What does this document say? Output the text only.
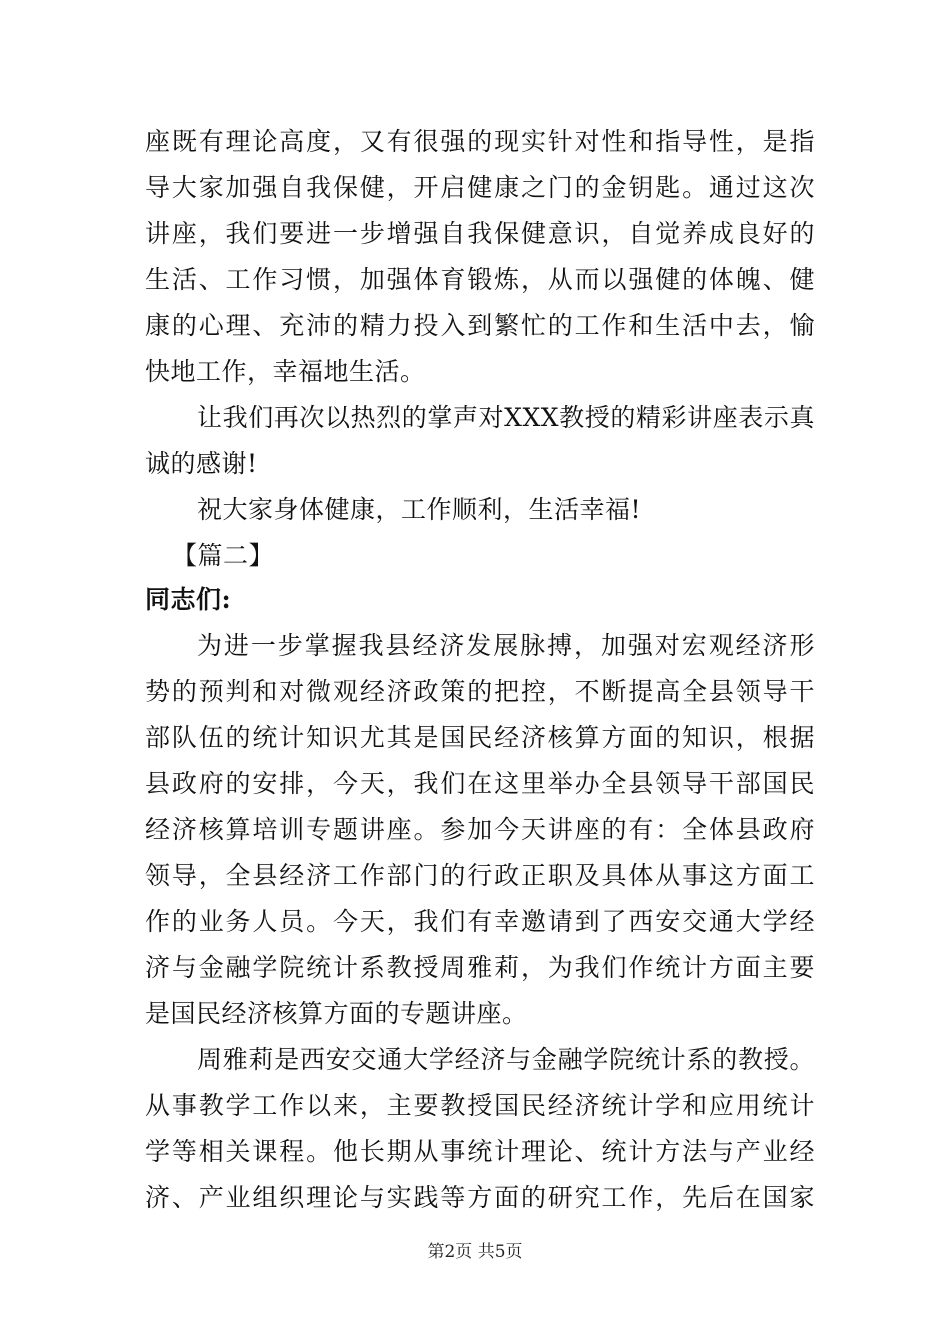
座既有理论高度，又有很强的现实针对性和指导性，是指
导大家加强自我保健，开启健康之门的金钥匙。通过这次
讲座，我们要进一步增强自我保健意识，自觉养成良好的
生活、工作习惯，加强体育锻炼，从而以强健的体魄、健
康的心理、充沛的精力投入到繁忙的工作和生活中去，愉
快地工作，幸福地生活。
让我们再次以热烈的掌声对XXX教授的精彩讲座表示真
诚的感谢!
祝大家身体健康，工作顺利，生活幸福!
【篇二】
同志们:
为进一步掌握我县经济发展脉搏，加强对宏观经济形
势的预判和对微观经济政策的把控，不断提高全县领导干
部队伍的统计知识尤其是国民经济核算方面的知识，根据
县政府的安排，今天，我们在这里举办全县领导干部国民
经济核算培训专题讲座。参加今天讲座的有：全体县政府
领导，全县经济工作部门的行政正职及具体从事这方面工
作的业务人员。今天，我们有幸邀请到了西安交通大学经
济与金融学院统计系教授周雅莉，为我们作统计方面主要
是国民经济核算方面的专题讲座。
周雅莉是西安交通大学经济与金融学院统计系的教授。
从事教学工作以来，主要教授国民经济统计学和应用统计
学等相关课程。他长期从事统计理论、统计方法与产业经
济、产业组织理论与实践等方面的研究工作，先后在国家
第2页 共5页
